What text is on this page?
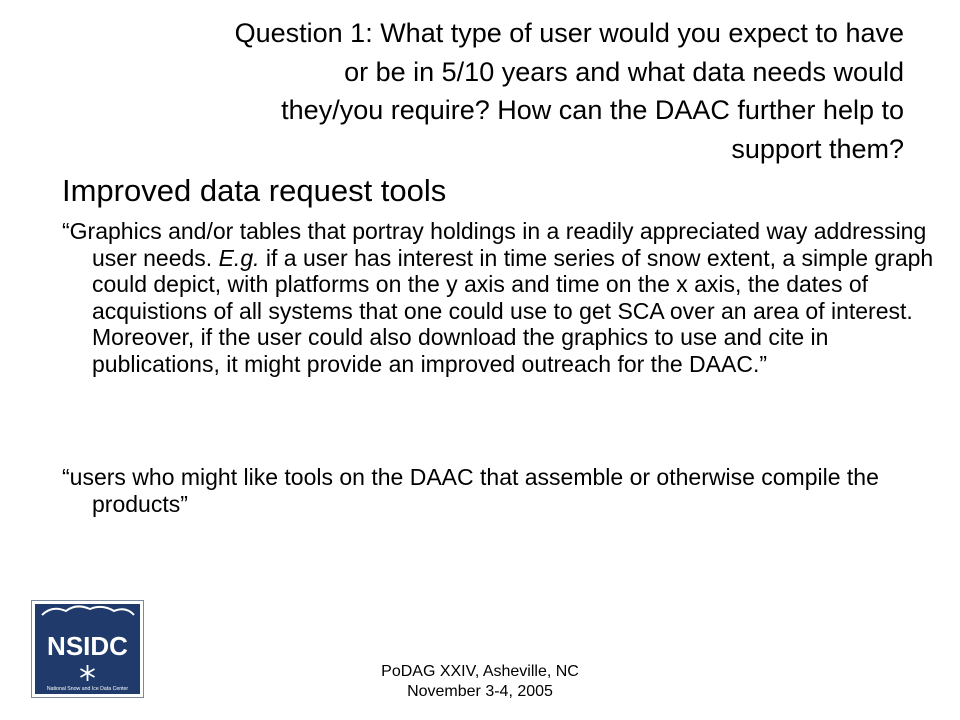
Question 1: What type of user would you expect to have
or be in 5/10 years and what data needs would
they/you require? How can the DAAC further help to
support them?
Improved data request tools

“Graphics and/or tables that portray holdings in a readily appreciated way addressing user needs. E.g. if a user has interest in time series of snow extent, a simple graph could depict, with platforms on the y axis and time on the x axis, the dates of acquistions of all systems that one could use to get SCA over an area of interest. Moreover, if the user could also download the graphics to use and cite in publications, it might provide an improved outreach for the DAAC.”

“users who might like tools on the DAAC that assemble or otherwise compile the products”

NSIDC
National Snow and Ice Data Center
PoDAG XXIV, Asheville, NC
November 3-4, 2005
